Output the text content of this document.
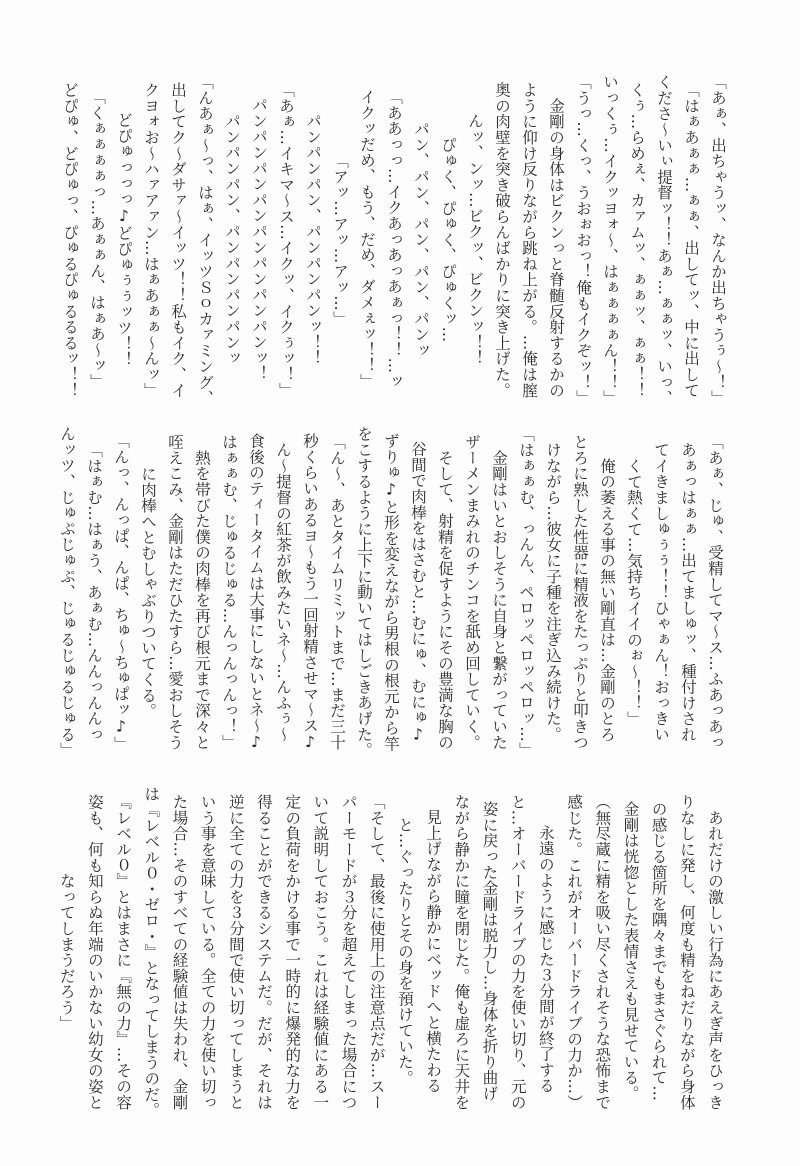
「あぁ、出ちゃうッ、なんか出ちゃうぅ～！」
「はぁあぁぁ…ぁぁ、出してッ、中に出して
くださ～いぃ提督ッ！！あぁ…ぁぁッ、いっ、
くぅ…らめぇ、カァムッ、ぁぁッ、ぁぁ！！
いっくぅ…イクッヨォ～、はぁぁぁぁん！！」
「うっ…くっ、うおぉおっ！俺もイクぞッ！」
　金剛の身体はビクンっと脊髄反射するかの
ように仰け反りながら跳ね上がる。…俺は膣
奥の肉壁を突き破らんばかりに突き上げた。
んッ、ンッ…ビクッ、ビクンッ！！
ぴゅく、ぴゅく、ぴゅくッ…
パン、パン、パン、パン、パンッ
「ああっっ…イクあっあっあぁっ！！…ッ
イクッだめ、もう、だめ、ダメぇッ！！」
「アッ…アッ…アッ…」
パンパンパン、パンパンパンッ！！
「あぁ…イキマ～ス…イクッ、イクぅッ！」
パンパンパンパンパンパンパンパンッ！
パンパンパン、パンパンパンパンッ
「んあぁ～っ、はぁ、イッツＳｏカァミング、
出してク～ダサァ～イッツ！！私もイク、イ
クヨォお～ハァアァン…はぁあぁぁ～んッ」
どぴゅっっっ♪どぴゅぅぅッツ！！
「くぁぁぁぁっ…あぁぁん、はぁあ～ッ」
どぴゅ、どぴゅっ、ぴゅるぴゅるるるッ！！
「あぁ、じゅ、受精してマ～ス…ふあっあっ
あぁっはぁぁ…出てましゅッ、種付けされ
てイきましゅぅぅ！！ひゃぁん！おっきい
くて熱くて…気持ちイイのぉ～！！」
　俺の萎える事の無い剛直は…金剛のとろ
とろに熟した性器に精液をたっぷりと叩きつ
けながら…彼女に子種を注ぎ込み続けた。
「はぁぁむ、っんん、ペロッペロッペロッ…」
　金剛はいとおしそうに自身と繋がっていた
ザーメンまみれのチンコを舐め回していく。
　そして、射精を促すようにその豊満な胸の
谷間で肉棒をはさむと…むにゅ、むにゅ♪
ずりゅ♪と形を変えながら男根の根元から竿
をこするように上下に動いてはしごきあげた。
「ん～、あとタイムリミットまで…まだ三十
秒くらいあるヨ～もう一回射精させマ～ス♪
ん～提督の紅茶が飲みたいネ～…んふぅ～
食後のティータイムは大事にしないとネ～♪
はぁぁむ、じゅるじゅる…んっんっんっ！」
　熱を帯びた僕の肉棒を再び根元まで深々と
咥えこみ、金剛はただひたすら…愛おしそう
に肉棒へとむしゃぶりついてくる。
「んっ、んっぱ、んぱ、ちゅ～ちゅぱッ♪」
「はぁむ…はぁう、あぁむ…んんっんんっ
んッツ、じゅぷじゅぷ、じゅるじゅるじゅる」
　あれだけの激しい行為にあえぎ声をひっき
りなしに発し、何度も精をねだりながら身体
の感じる箇所を隅々までもまさぐられて…
金剛は恍惚とした表情さえも見せている。
（無尽蔵に精を吸い尽くされそうな恐怖まで
感じた。これがオーバードライブの力か…）
　永遠のように感じた３分間が終了する
と…オーバードライブの力を使い切り、元の
姿に戻った金剛は脱力し…身体を折り曲げ
ながら静かに瞳を閉じた。俺も虚ろに天井を
見上げながら静かにベッドへと横たわる
と…ぐったりとその身を預けていた。
「そして、最後に使用上の注意点だが…スー
パーモードが３分を超えてしまった場合につ
いて説明しておこう。これは経験値にある一
定の負荷をかける事で一時的に爆発的な力を
得ることができるシステムだ。だが、それは
逆に全ての力を３分間で使い切ってしまうと
いう事を意味している。全ての力を使い切っ
た場合…そのすべての経験値は失われ、金剛
は『レベル０・ゼロ・』となってしまうのだ。
『レベル０』とはまさに『無の力』…その容
姿も、何も知らぬ年端のいかない幼女の姿と
なってしまうだろう」
